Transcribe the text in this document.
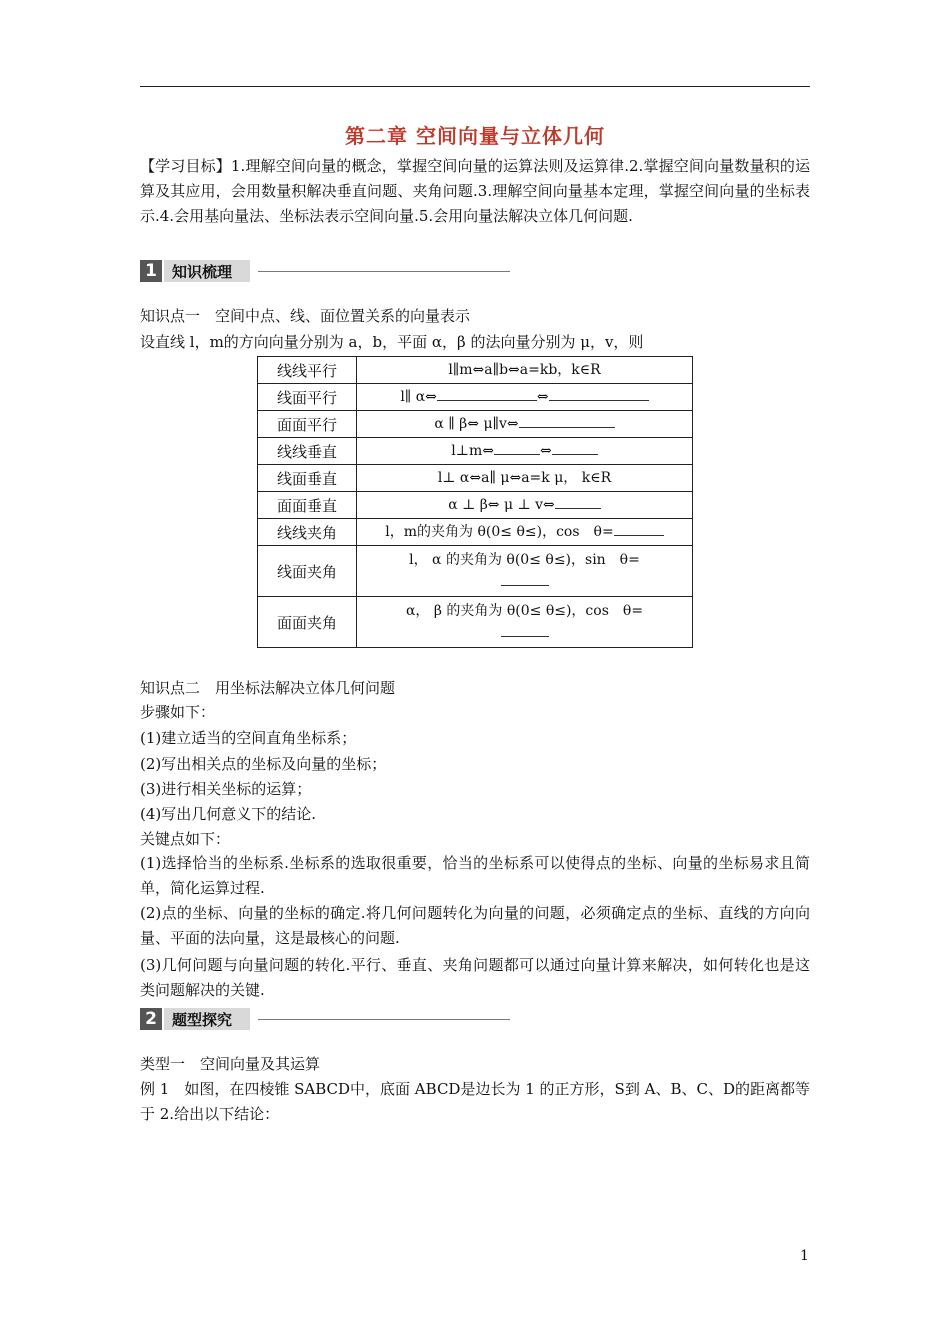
第二章 空间向量与立体几何
【学习目标】1.理解空间向量的概念，掌握空间向量的运算法则及运算律.2.掌握空间向量数量积的运算及其应用，会用数量积解决垂直问题、夹角问题.3.理解空间向量基本定理，掌握空间向量的坐标表示.4.会用基向量法、坐标法表示空间向量.5.会用向量法解决立体几何问题.
1	知识梳理
知识点一　空间中点、线、面位置关系的向量表示
设直线 l，m的方向向量分别为 a，b，平面 α，β 的法向量分别为 μ，v，则
线线平行	l∥m⇔a∥b⇔a=kb，k∈R
线面平行	l∥ α⇔ ⇔
面面平行	α ∥ β⇔ μ∥v⇔
线线垂直	l⊥m⇔ ⇔
线面垂直	l⊥ α⇔a∥ μ⇔a=k μ， k∈R
面面垂直	α ⊥ β⇔ μ ⊥ v⇔
线线夹角	l，m的夹角为 θ(0≤ θ≤)，cos　θ=
线面夹角	l， α 的夹角为 θ(0≤ θ≤)，sin　θ=

面面夹角	α， β 的夹角为 θ(0≤ θ≤)，cos　θ=

知识点二　用坐标法解决立体几何问题
步骤如下：
(1)建立适当的空间直角坐标系；
(2)写出相关点的坐标及向量的坐标；
(3)进行相关坐标的运算；
(4)写出几何意义下的结论.
关键点如下：
(1)选择恰当的坐标系.坐标系的选取很重要，恰当的坐标系可以使得点的坐标、向量的坐标易求且简单，简化运算过程.
(2)点的坐标、向量的坐标的确定.将几何问题转化为向量的问题，必须确定点的坐标、直线的方向向量、平面的法向量，这是最核心的问题.
(3)几何问题与向量问题的转化.平行、垂直、夹角问题都可以通过向量计算来解决，如何转化也是这类问题解决的关键.
2	题型探究
类型一　空间向量及其运算
例 1　如图，在四棱锥 SABCD中，底面 ABCD是边长为 1 的正方形，S到 A、B、C、D的距离都等于 2.给出以下结论：
1
